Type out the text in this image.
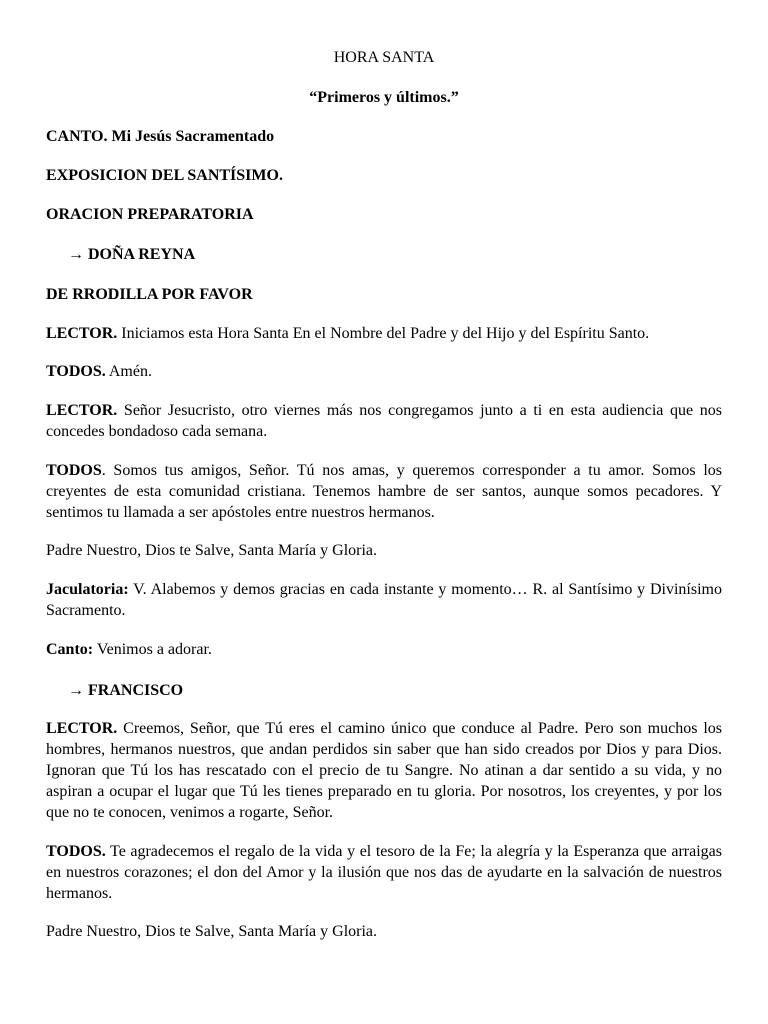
HORA SANTA

“Primeros y últimos.”

CANTO. Mi Jesús Sacramentado

EXPOSICION DEL SANTÍSIMO.

ORACION PREPARATORIA

→ DOÑA REYNA

DE RRODILLA POR FAVOR

LECTOR. Iniciamos esta Hora Santa En el Nombre del Padre y del Hijo y del Espíritu Santo.

TODOS. Amén.

LECTOR. Señor Jesucristo, otro viernes más nos congregamos junto a ti en esta audiencia que nos concedes bondadoso cada semana.

TODOS. Somos tus amigos, Señor. Tú nos amas, y queremos corresponder a tu amor. Somos los creyentes de esta comunidad cristiana. Tenemos hambre de ser santos, aunque somos pecadores. Y sentimos tu llamada a ser apóstoles entre nuestros hermanos.

Padre Nuestro, Dios te Salve, Santa María y Gloria.

Jaculatoria: V. Alabemos y demos gracias en cada instante y momento… R. al Santísimo y Divinísimo Sacramento.

Canto: Venimos a adorar.

→ FRANCISCO

LECTOR. Creemos, Señor, que Tú eres el camino único que conduce al Padre. Pero son muchos los hombres, hermanos nuestros, que andan perdidos sin saber que han sido creados por Dios y para Dios. Ignoran que Tú los has rescatado con el precio de tu Sangre. No atinan a dar sentido a su vida, y no aspiran a ocupar el lugar que Tú les tienes preparado en tu gloria. Por nosotros, los creyentes, y por los que no te conocen, venimos a rogarte, Señor.

TODOS. Te agradecemos el regalo de la vida y el tesoro de la Fe; la alegría y la Esperanza que arraigas en nuestros corazones; el don del Amor y la ilusión que nos das de ayudarte en la salvación de nuestros hermanos.

Padre Nuestro, Dios te Salve, Santa María y Gloria.
